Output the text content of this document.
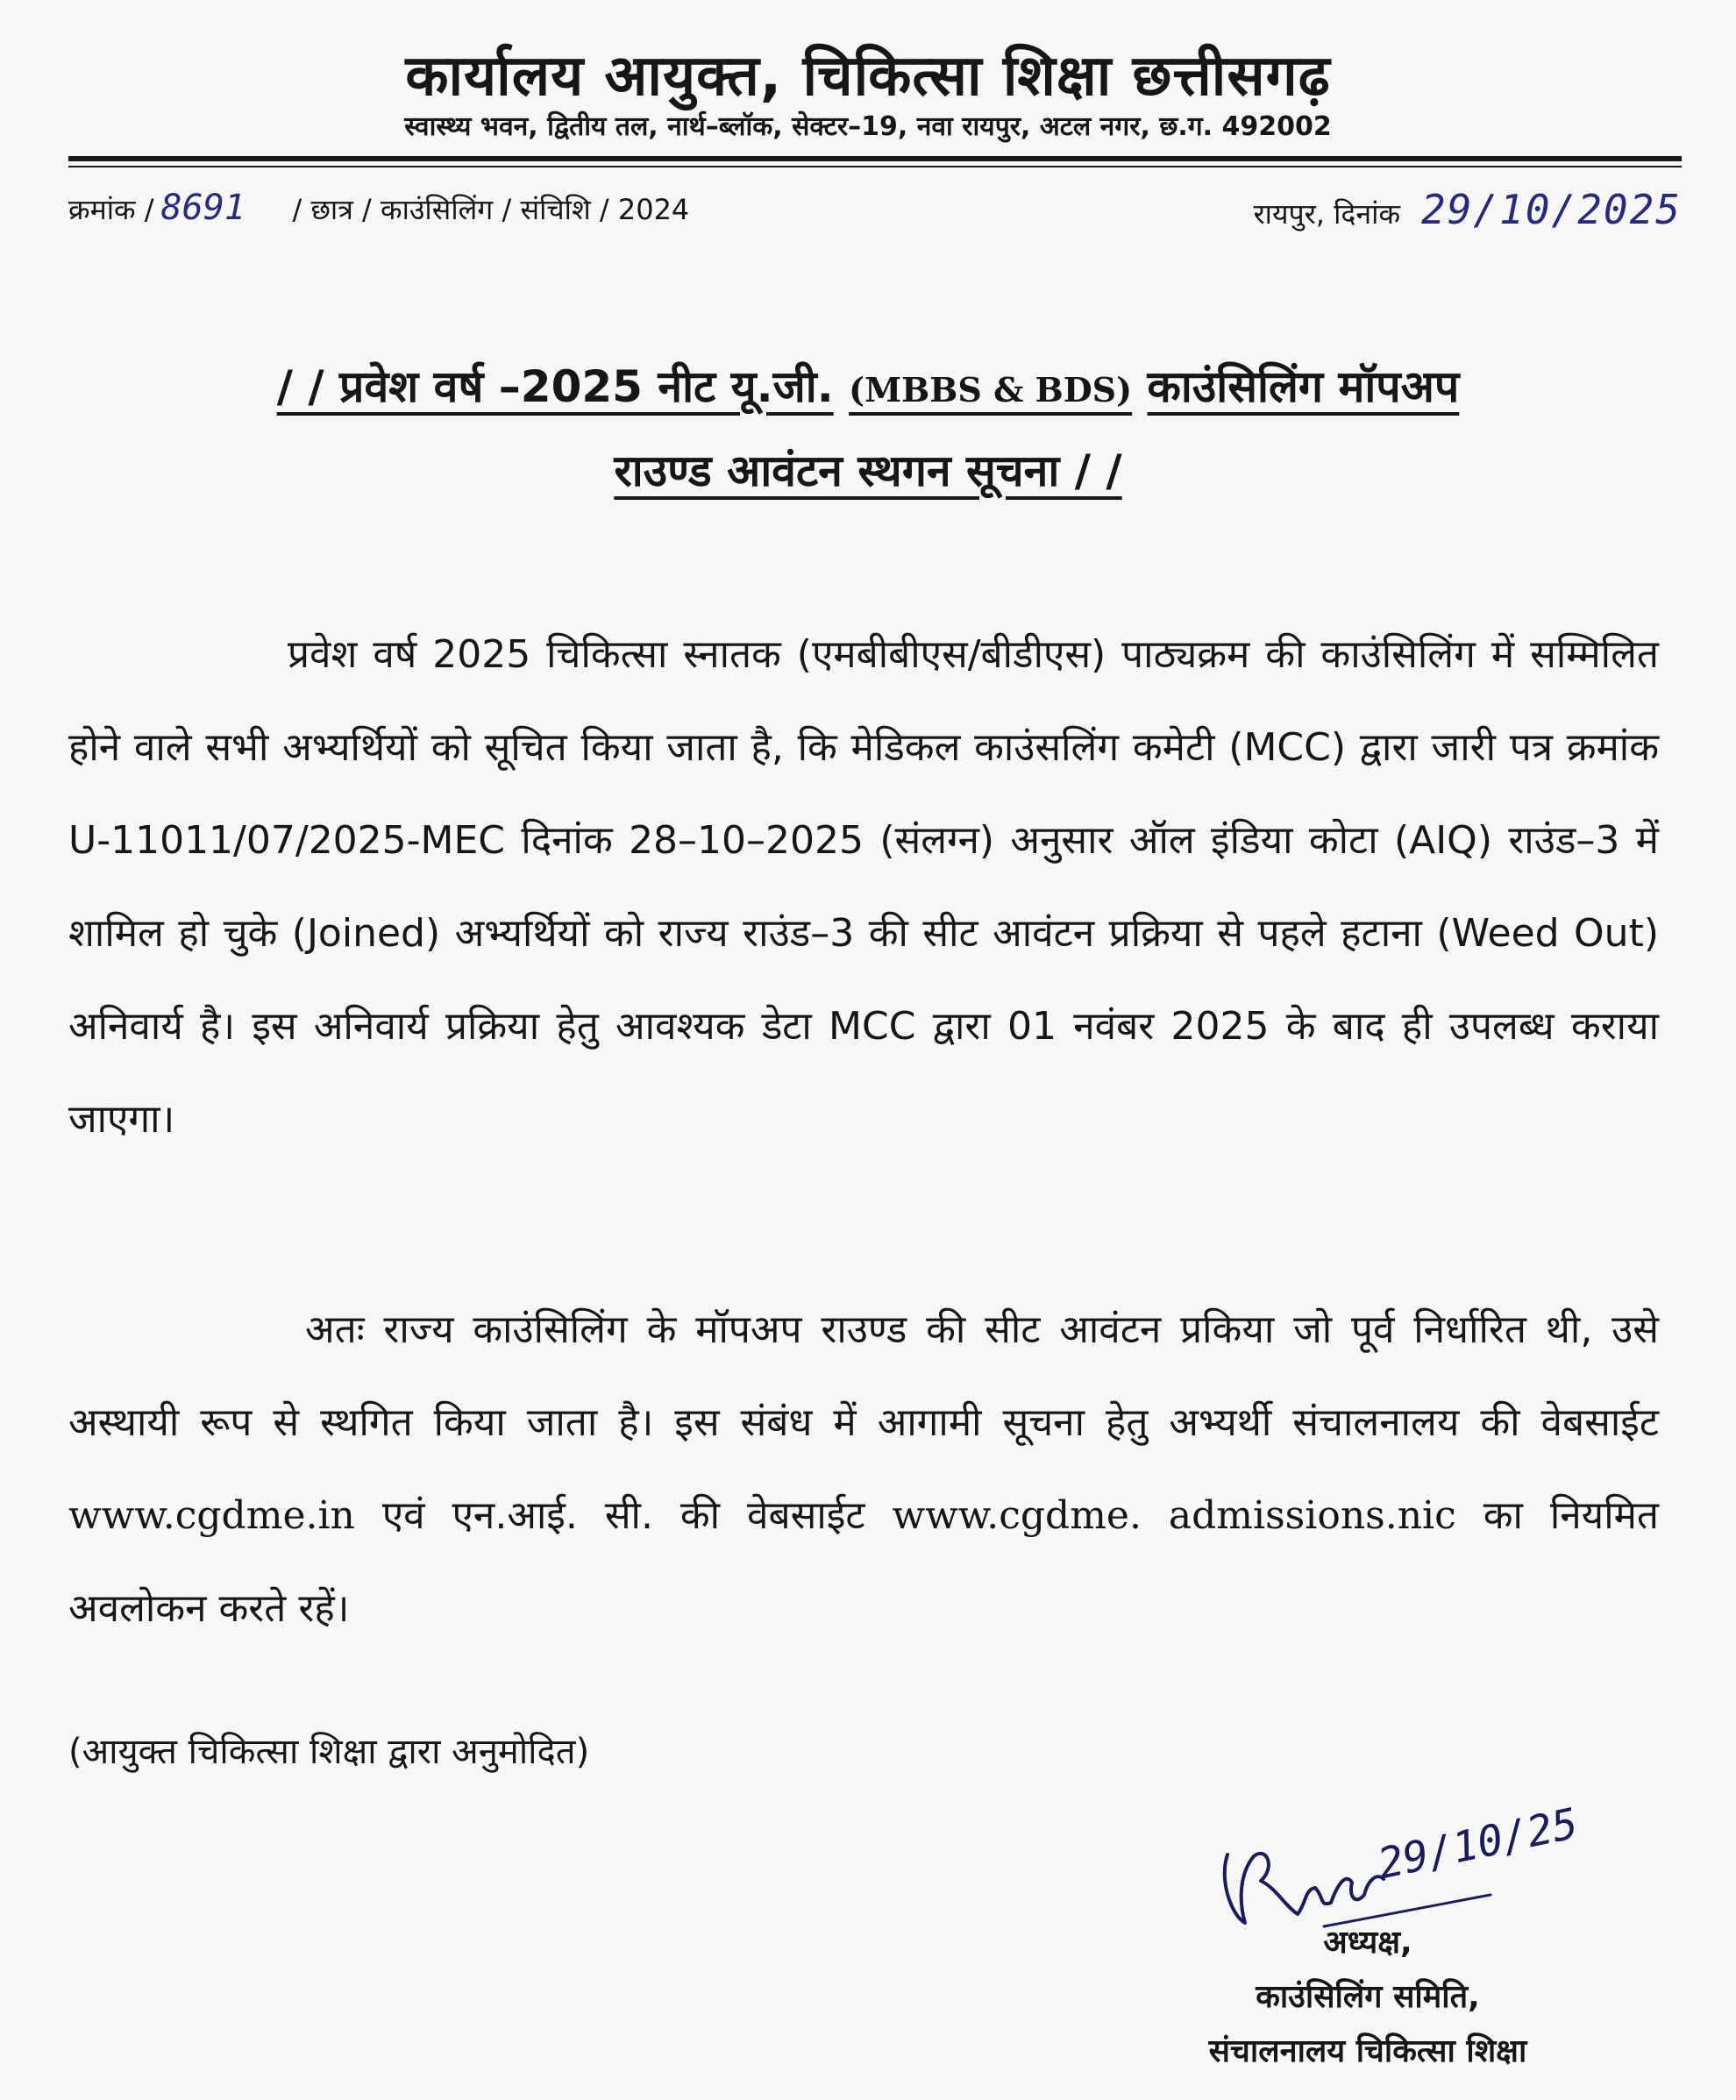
कार्यालय आयुक्त, चिकित्सा शिक्षा छत्तीसगढ़
स्वास्थ्य भवन, द्वितीय तल, नार्थ–ब्लॉक, सेक्टर–19, नवा रायपुर, अटल नगर, छ.ग. 492002
क्रमांक / 8691 / छात्र / काउंसिलिंग / संचिशि / 2024	रायपुर, दिनांक 29/10/2025
/ / प्रवेश वर्ष –2025 नीट यू.जी. (MBBS & BDS) काउंसिलिंग मॉपअप
राउण्ड आवंटन स्थगन सूचना / /

प्रवेश वर्ष 2025 चिकित्सा स्नातक (एमबीबीएस/बीडीएस) पाठ्यक्रम की काउंसिलिंग में सम्मिलित होने वाले सभी अभ्यर्थियों को सूचित किया जाता है, कि मेडिकल काउंसलिंग कमेटी (MCC) द्वारा जारी पत्र क्रमांक U-11011/07/2025-MEC दिनांक 28–10–2025 (संलग्न) अनुसार ऑल इंडिया कोटा (AIQ) राउंड–3 में शामिल हो चुके (Joined) अभ्यर्थियों को राज्य राउंड–3 की सीट आवंटन प्रक्रिया से पहले हटाना (Weed Out) अनिवार्य है। इस अनिवार्य प्रक्रिया हेतु आवश्यक डेटा MCC द्वारा 01 नवंबर 2025 के बाद ही उपलब्ध कराया जाएगा।

अतः राज्य काउंसिलिंग के मॉपअप राउण्ड की सीट आवंटन प्रकिया जो पूर्व निर्धारित थी, उसे अस्थायी रूप से स्थगित किया जाता है। इस संबंध में आगामी सूचना हेतु अभ्यर्थी संचालनालय की वेबसाईट www.cgdme.in एवं एन.आई. सी. की वेबसाईट www.cgdme. admissions.nic का नियमित अवलोकन करते रहें।

(आयुक्त चिकित्सा शिक्षा द्वारा अनुमोदित)
29/10/25
अध्यक्ष,
काउंसिलिंग समिति,
संचालनालय चिकित्सा शिक्षा
